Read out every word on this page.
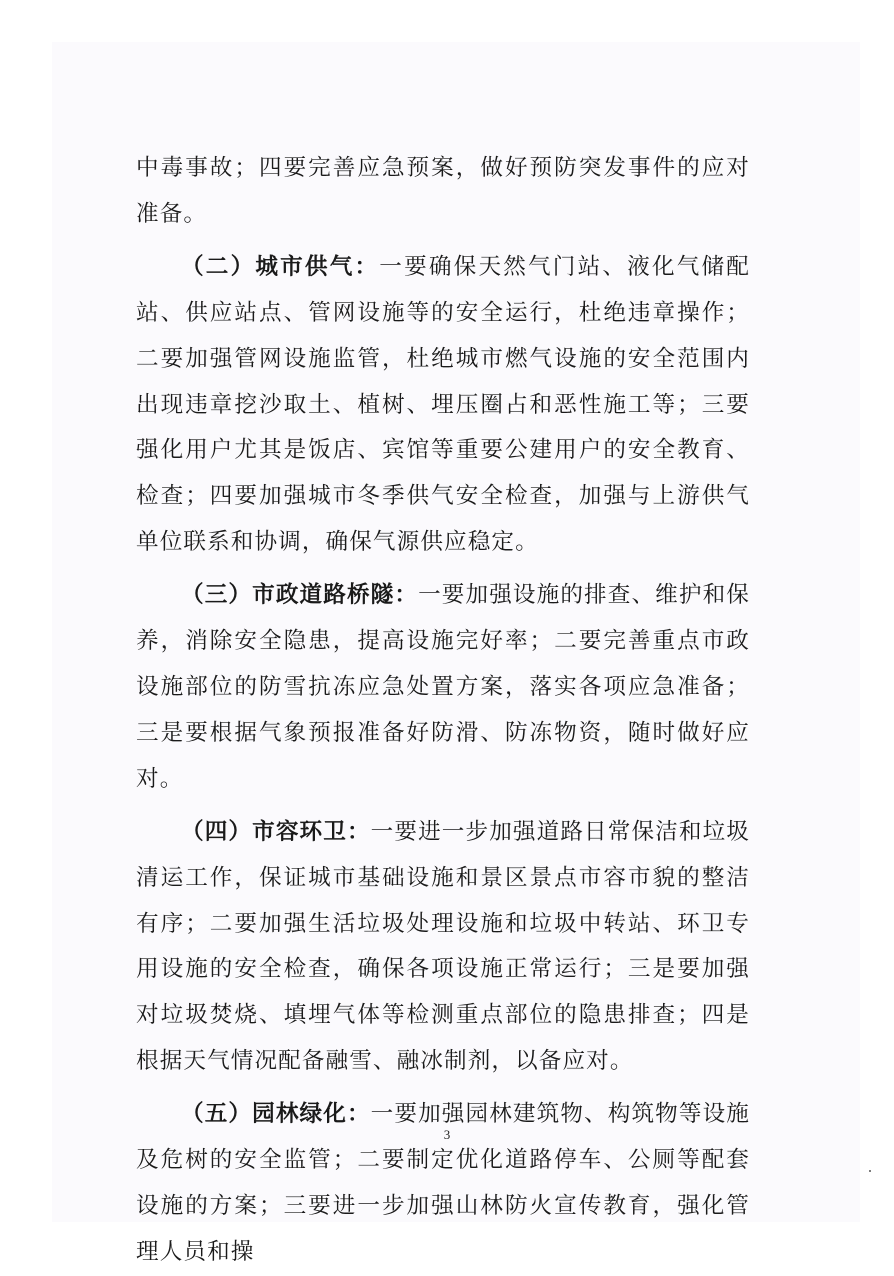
中毒事故；四要完善应急预案，做好预防突发事件的应对准备。

（二）城市供气：一要确保天然气门站、液化气储配站、供应站点、管网设施等的安全运行，杜绝违章操作；二要加强管网设施监管，杜绝城市燃气设施的安全范围内出现违章挖沙取土、植树、埋压圈占和恶性施工等；三要强化用户尤其是饭店、宾馆等重要公建用户的安全教育、检查；四要加强城市冬季供气安全检查，加强与上游供气单位联系和协调，确保气源供应稳定。

（三）市政道路桥隧：一要加强设施的排查、维护和保养，消除安全隐患，提高设施完好率；二要完善重点市政设施部位的防雪抗冻应急处置方案，落实各项应急准备；三是要根据气象预报准备好防滑、防冻物资，随时做好应对。

（四）市容环卫：一要进一步加强道路日常保洁和垃圾清运工作，保证城市基础设施和景区景点市容市貌的整洁有序；二要加强生活垃圾处理设施和垃圾中转站、环卫专用设施的安全检查，确保各项设施正常运行；三是要加强对垃圾焚烧、填埋气体等检测重点部位的隐患排查；四是根据天气情况配备融雪、融冰制剂，以备应对。

（五）园林绿化：一要加强园林建筑物、构筑物等设施及危树的安全监管；二要制定优化道路停车、公厕等配套设施的方案；三要进一步加强山林防火宣传教育，强化管理人员和操

3
